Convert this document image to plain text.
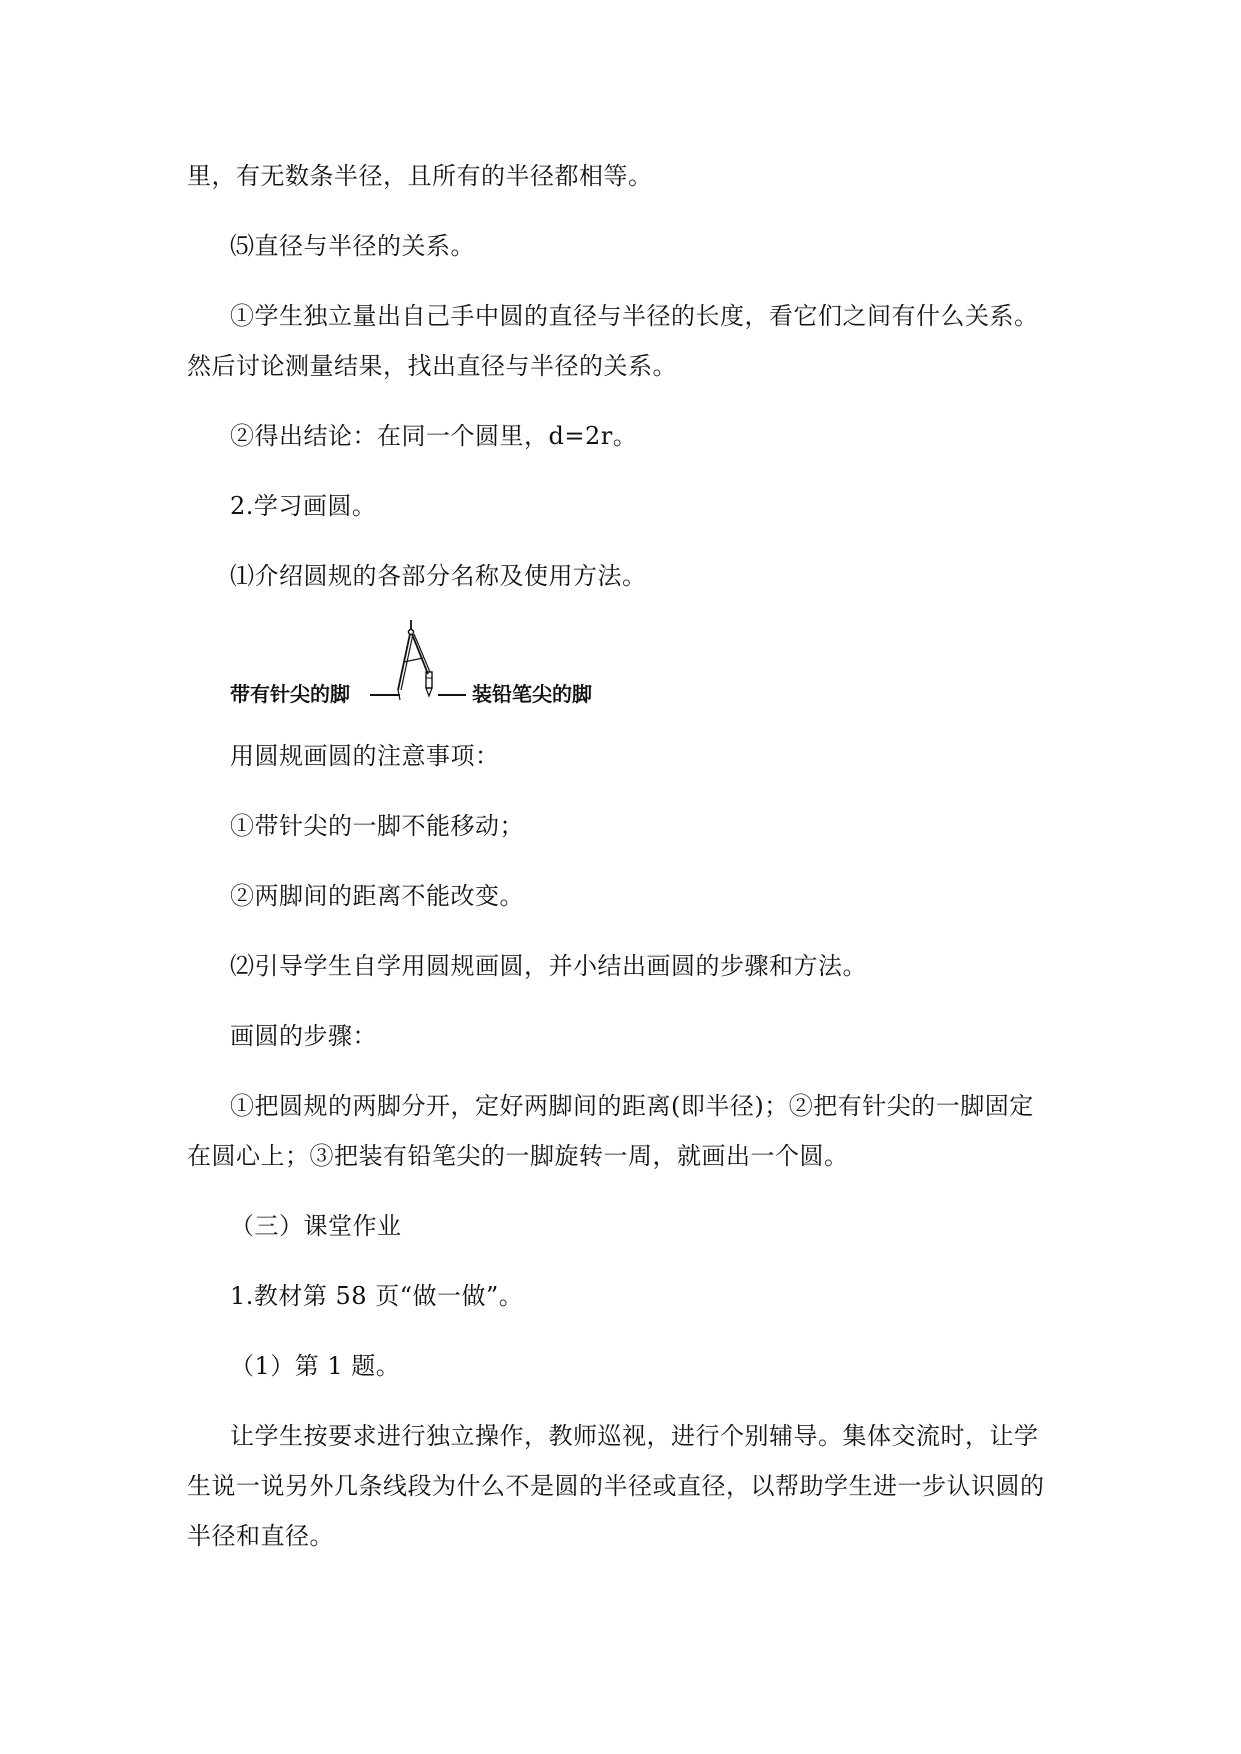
里，有无数条半径，且所有的半径都相等。
⑸直径与半径的关系。
①学生独立量出自己手中圆的直径与半径的长度，看它们之间有什么关系。
然后讨论测量结果，找出直径与半径的关系。
②得出结论：在同一个圆里，d=2r。
2.学习画圆。
⑴介绍圆规的各部分名称及使用方法。
带有针尖的脚	装铅笔尖的脚
用圆规画圆的注意事项：
①带针尖的一脚不能移动；
②两脚间的距离不能改变。
⑵引导学生自学用圆规画圆，并小结出画圆的步骤和方法。
画圆的步骤：
①把圆规的两脚分开，定好两脚间的距离(即半径)；②把有针尖的一脚固定
在圆心上；③把装有铅笔尖的一脚旋转一周，就画出一个圆。
（三）课堂作业
1.教材第 58 页“做一做”。
（1）第 1 题。
让学生按要求进行独立操作，教师巡视，进行个别辅导。集体交流时，让学
生说一说另外几条线段为什么不是圆的半径或直径，以帮助学生进一步认识圆的
半径和直径。
